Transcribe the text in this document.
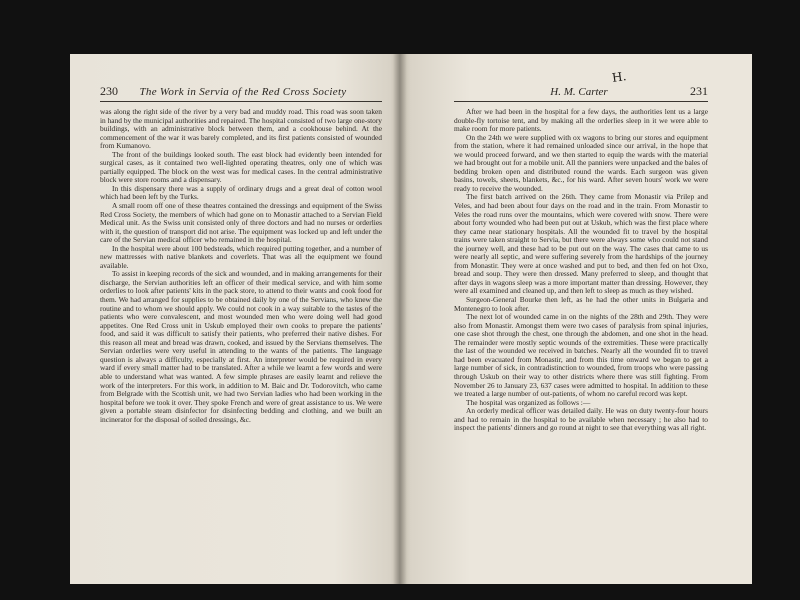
230 The Work in Servia of the Red Cross Society

was along the right side of the river by a very bad and muddy road. This road was soon taken in hand by the municipal authorities and repaired. The hospital consisted of two large one-story buildings, with an administrative block between them, and a cookhouse behind. At the commencement of the war it was barely completed, and its first patients consisted of wounded from Kumanovo.

The front of the buildings looked south. The east block had evidently been intended for surgical cases, as it contained two well-lighted operating theatres, only one of which was partially equipped. The block on the west was for medical cases. In the central administrative block were store rooms and a dispensary.

In this dispensary there was a supply of ordinary drugs and a great deal of cotton wool which had been left by the Turks.

A small room off one of these theatres contained the dressings and equipment of the Swiss Red Cross Society, the members of which had gone on to Monastir attached to a Servian Field Medical unit. As the Swiss unit consisted only of three doctors and had no nurses or orderlies with it, the question of transport did not arise. The equipment was locked up and left under the care of the Servian medical officer who remained in the hospital.

In the hospital were about 100 bedsteads, which required putting together, and a number of new mattresses with native blankets and coverlets. That was all the equipment we found available.

To assist in keeping records of the sick and wounded, and in making arrangements for their discharge, the Servian authorities left an officer of their medical service, and with him some orderlies to look after patients' kits in the pack store, to attend to their wants and cook food for them. We had arranged for supplies to be obtained daily by one of the Servians, who knew the routine and to whom we should apply. We could not cook in a way suitable to the tastes of the patients who were convalescent, and most wounded men who were doing well had good appetites. One Red Cross unit in Uskub employed their own cooks to prepare the patients' food, and said it was difficult to satisfy their patients, who preferred their native dishes. For this reason all meat and bread was drawn, cooked, and issued by the Servians themselves. The Servian orderlies were very useful in attending to the wants of the patients. The language question is always a difficulty, especially at first. An interpreter would be required in every ward if every small matter had to be translated. After a while we learnt a few words and were able to understand what was wanted. A few simple phrases are easily learnt and relieve the work of the interpreters. For this work, in addition to M. Baic and Dr. Todorovitch, who came from Belgrade with the Scottish unit, we had two Servian ladies who had been working in the hospital before we took it over. They spoke French and were of great assistance to us. We were given a portable steam disinfector for disinfecting bedding and clothing, and we built an incinerator for the disposal of soiled dressings, &c.

H. M. Carter	231

After we had been in the hospital for a few days, the authorities lent us a large double-fly tortoise tent, and by making all the orderlies sleep in it we were able to make room for more patients.

On the 24th we were supplied with ox wagons to bring our stores and equipment from the station, where it had remained unloaded since our arrival, in the hope that we would proceed forward, and we then started to equip the wards with the material we had brought out for a mobile unit. All the panniers were unpacked and the bales of bedding broken open and distributed round the wards. Each surgeon was given basins, towels, sheets, blankets, &c., for his ward. After seven hours' work we were ready to receive the wounded.

The first batch arrived on the 26th. They came from Monastir via Prilep and Veles, and had been about four days on the road and in the train. From Monastir to Veles the road runs over the mountains, which were covered with snow. There were about forty wounded who had been put out at Uskub, which was the first place where they came near stationary hospitals. All the wounded fit to travel by the hospital trains were taken straight to Servia, but there were always some who could not stand the journey well, and these had to be put out on the way. The cases that came to us were nearly all septic, and were suffering severely from the hardships of the journey from Monastir. They were at once washed and put to bed, and then fed on hot Oxo, bread and soup. They were then dressed. Many preferred to sleep, and thought that after days in wagons sleep was a more important matter than dressing. However, they were all examined and cleaned up, and then left to sleep as much as they wished.

Surgeon-General Bourke then left, as he had the other units in Bulgaria and Montenegro to look after.

The next lot of wounded came in on the nights of the 28th and 29th. They were also from Monastir. Amongst them were two cases of paralysis from spinal injuries, one case shot through the chest, one through the abdomen, and one shot in the head. The remainder were mostly septic wounds of the extremities. These were practically the last of the wounded we received in batches. Nearly all the wounded fit to travel had been evacuated from Monastir, and from this time onward we began to get a large number of sick, in contradistinction to wounded, from troops who were passing through Uskub on their way to other districts where there was still fighting. From November 26 to January 23, 637 cases were admitted to hospital. In addition to these we treated a large number of out-patients, of whom no careful record was kept.

The hospital was organized as follows :—

An orderly medical officer was detailed daily. He was on duty twenty-four hours and had to remain in the hospital to be available when necessary ; he also had to inspect the patients' dinners and go round at night to see that everything was all right.

H.
